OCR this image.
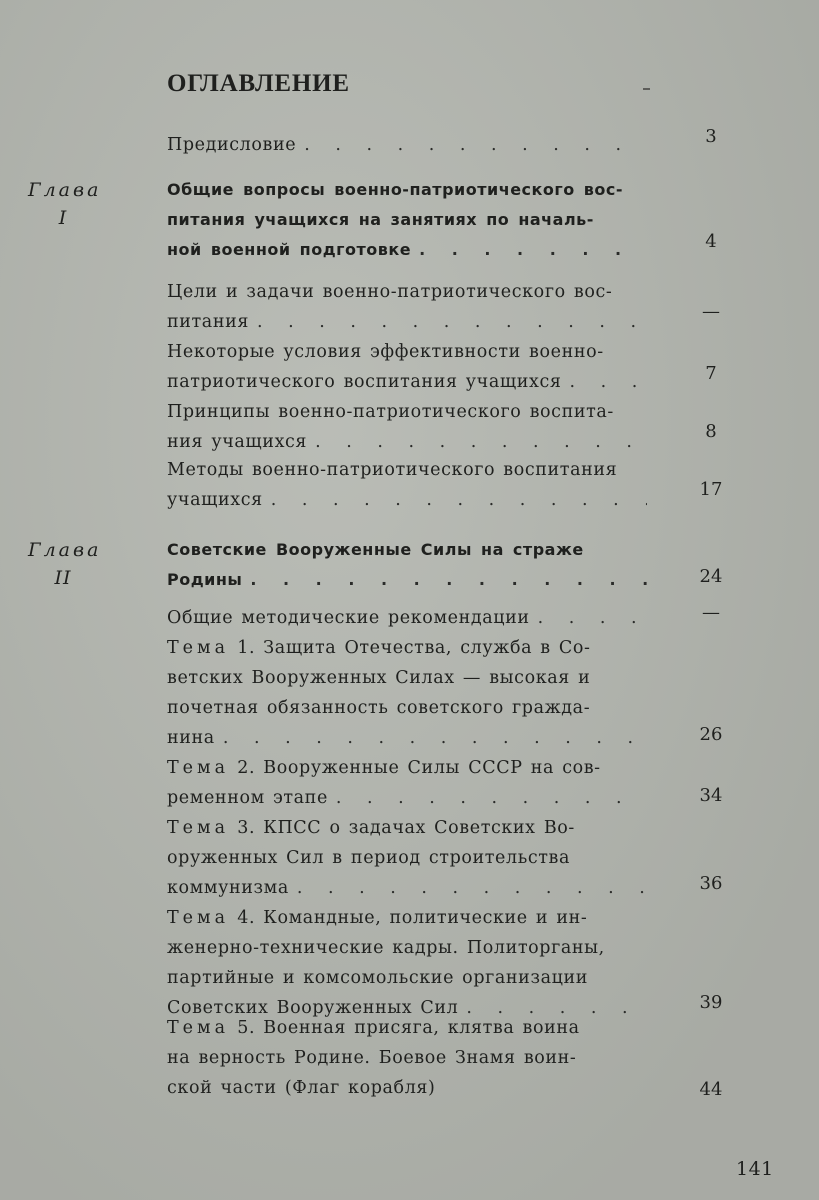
ОГЛАВЛЕНИЕ
Глава
I
Глава
II
Предисловие . . .	3
Общие вопросы военно-патриотического вос-
питания учащихся на занятиях по началь-
ной военной подготовке . . .	4
Цели и задачи военно-патриотического вос-
питания . . .	—
Некоторые условия эффективности военно-
патриотического воспитания учащихся . . .	7
Принципы военно-патриотического воспита-
ния учащихся . . .	8
Методы военно-патриотического воспитания
учащихся . . .	17
Советские Вооруженные Силы на страже
Родины . . .	24
Общие методические рекомендации . . .	—
Тема 1. Защита Отечества, служба в Со-
ветских Вооруженных Силах — высокая и
почетная обязанность советского гражда-
нина . . .	26
Тема 2. Вооруженные Силы СССР на сов-
ременном этапе . . .	34
Тема 3. КПСС о задачах Советских Во-
оруженных Сил в период строительства
коммунизма . . .	36
Тема 4. Командные, политические и ин-
женерно-технические кадры. Политорганы,
партийные и комсомольские организации
Советских Вооруженных Сил . . .	39
Тема 5. Военная присяга, клятва воина
на верность Родине. Боевое Знамя воин-
ской части (Флаг корабля)	44
141
